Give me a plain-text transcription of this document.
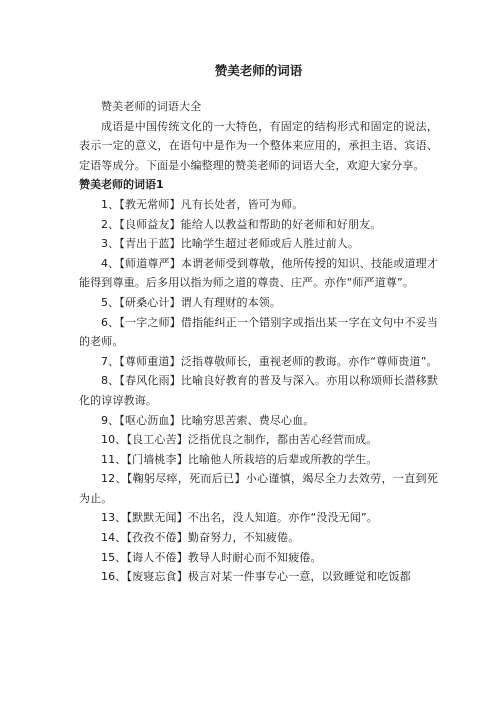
赞美老师的词语

赞美老师的词语大全

成语是中国传统文化的一大特色，有固定的结构形式和固定的说法，表示一定的意义，在语句中是作为一个整体来应用的，承担主语、宾语、定语等成分。下面是小编整理的赞美老师的词语大全，欢迎大家分享。

赞美老师的词语1

1、【教无常师】凡有长处者，皆可为师。

2、【良师益友】能给人以教益和帮助的好老师和好朋友。

3、【青出于蓝】比喻学生超过老师或后人胜过前人。

4、【师道尊严】本谓老师受到尊敬，他所传授的知识、技能或道理才能得到尊重。后多用以指为师之道的尊贵、庄严。亦作“师严道尊”。

5、【研桑心计】谓人有理财的本领。

6、【一字之师】借指能纠正一个错别字或指出某一字在文句中不妥当的老师。

7、【尊师重道】泛指尊敬师长，重视老师的教诲。亦作“尊师贵道”。

8、【春风化雨】比喻良好教育的普及与深入。亦用以称颂师长潜移默化的谆谆教诲。

9、【呕心沥血】比喻穷思苦索、费尽心血。

10、【良工心苦】泛指优良之制作，都由苦心经营而成。

11、【门墙桃李】比喻他人所栽培的后辈或所教的学生。

12、【鞠躬尽瘁，死而后已】小心谨慎，竭尽全力去效劳，一直到死为止。

13、【默默无闻】不出名，没人知道。亦作“没没无闻”。

14、【孜孜不倦】勤奋努力，不知疲倦。

15、【诲人不倦】教导人时耐心而不知疲倦。

16、【废寝忘食】极言对某一件事专心一意，以致睡觉和吃饭都
